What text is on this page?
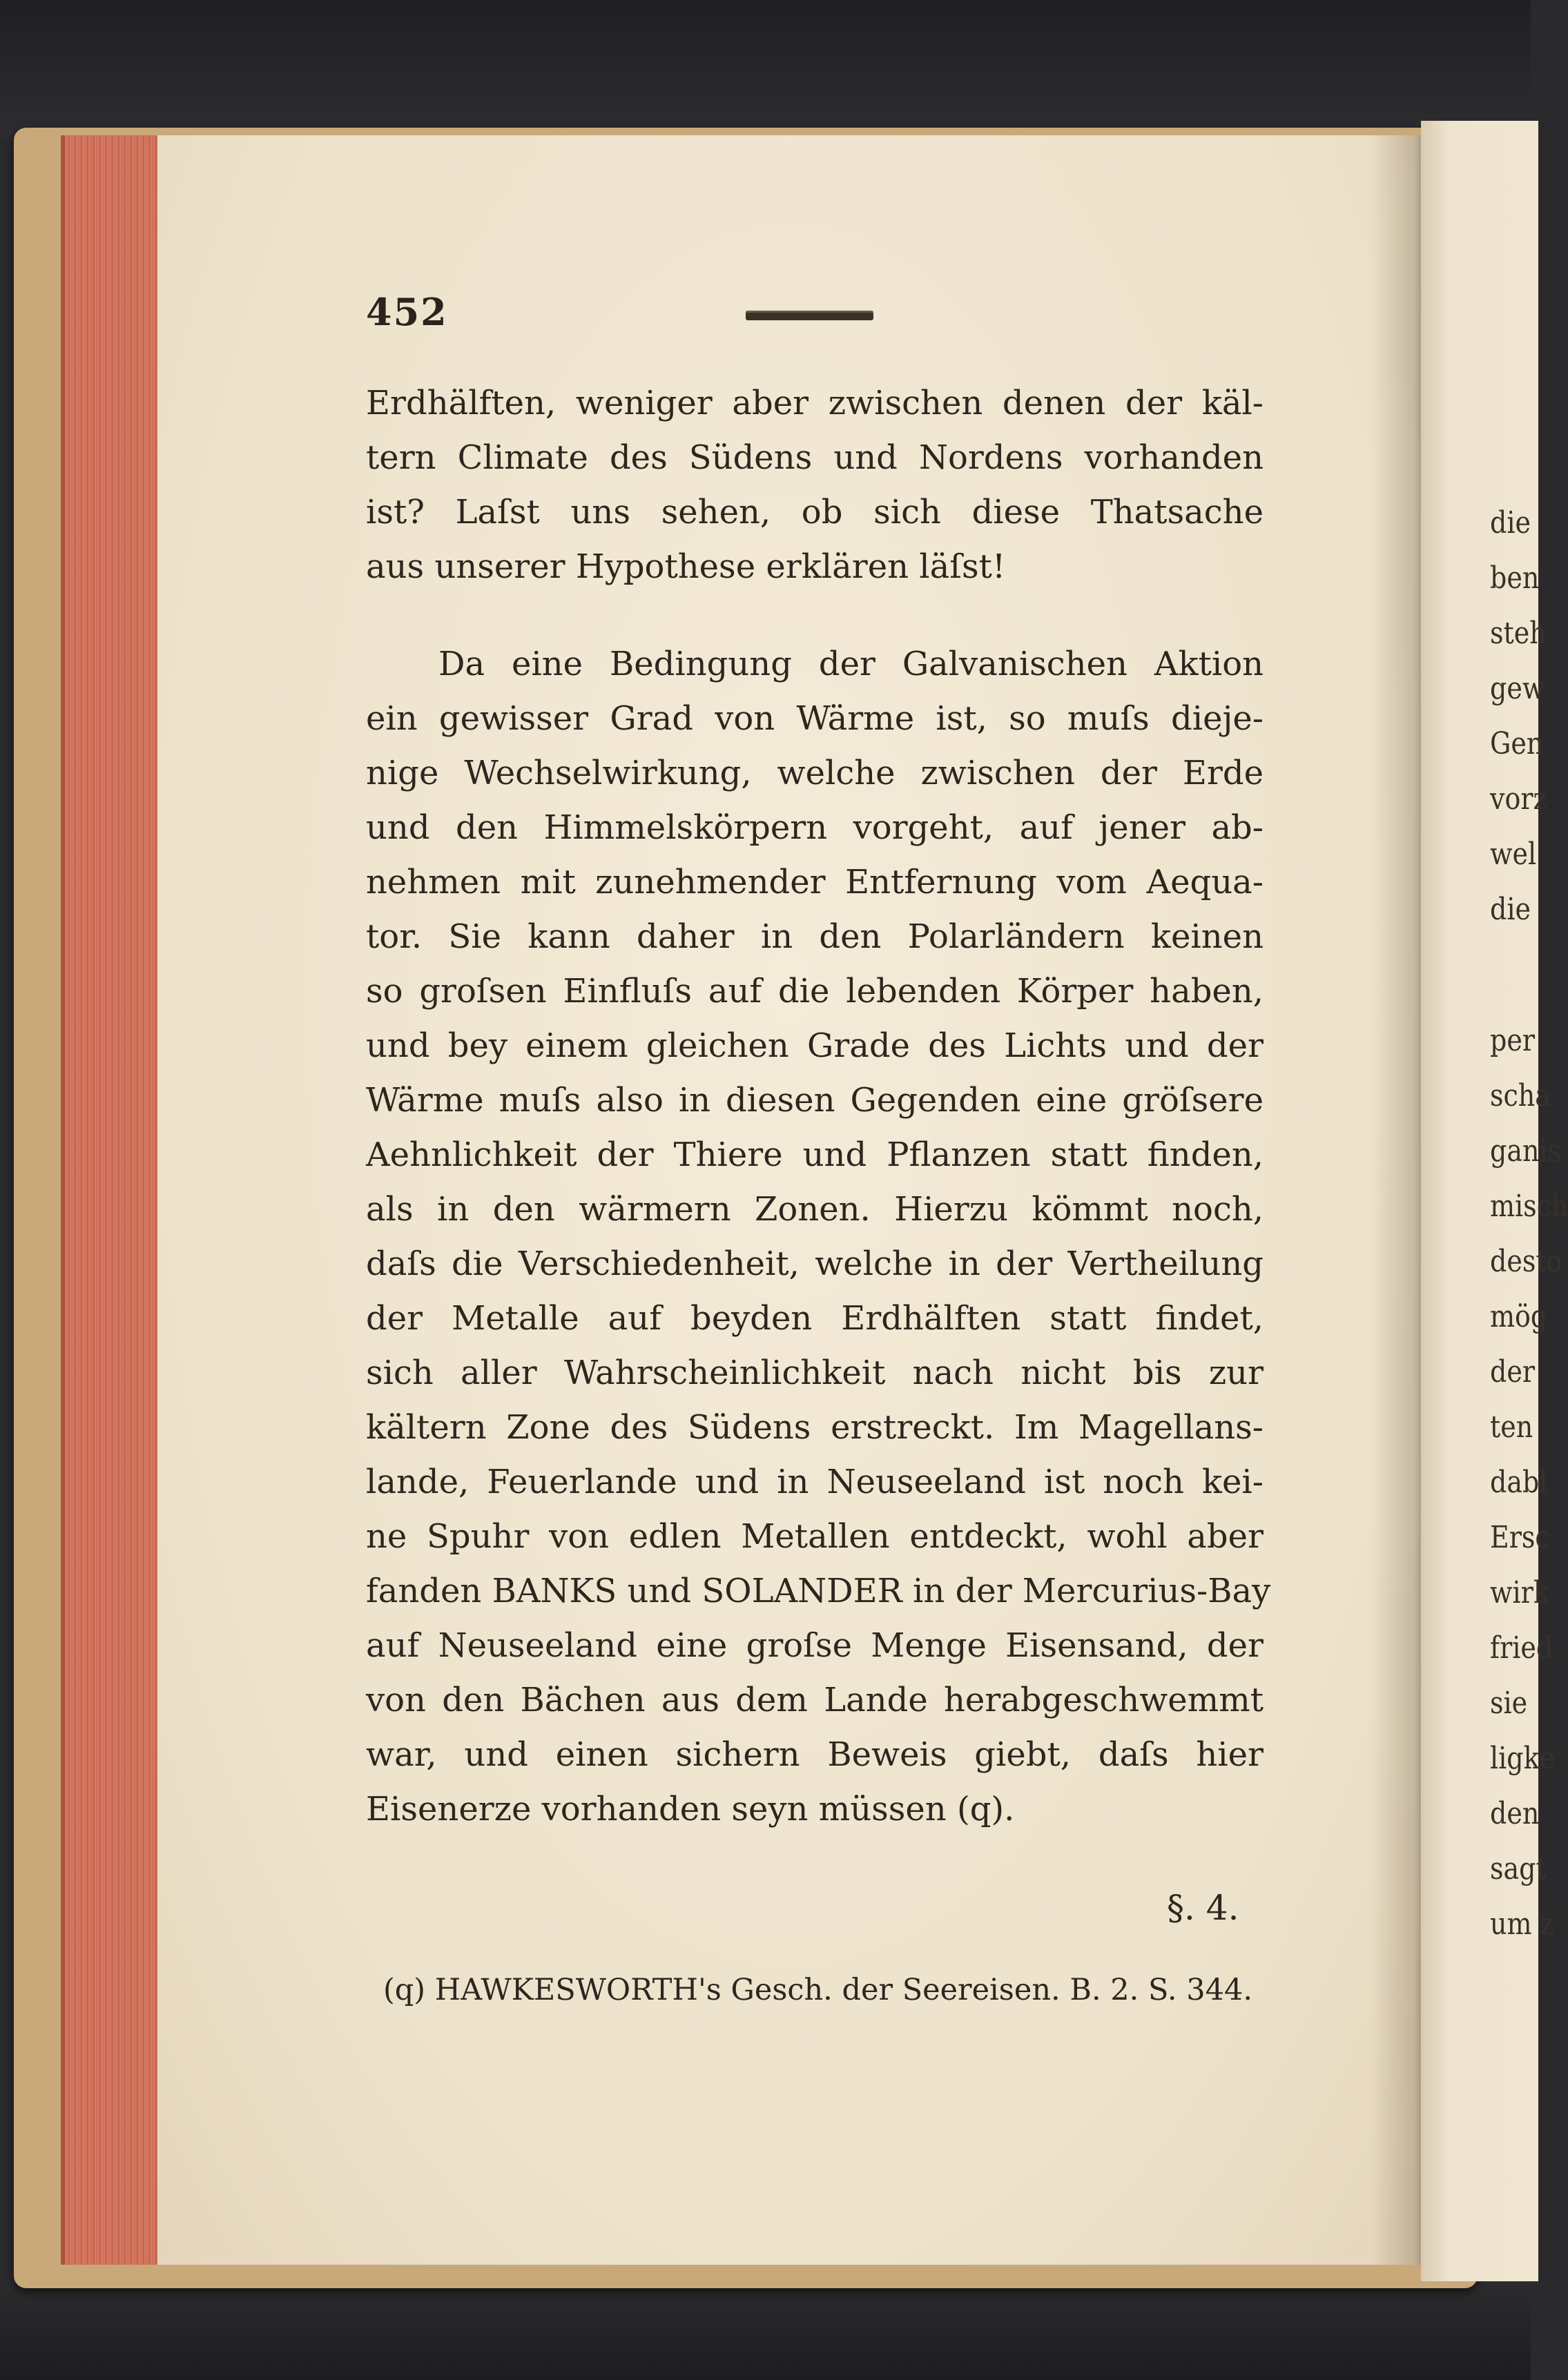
die
ben
steh
gew
Gen
vorz
wel
die
per
scha
ganis
misch
desto
mög
der
ten
dabl
Ersc
wirk
fried
sie
ligke
den
sagt
um z
452
Erdhälften, weniger aber zwischen denen der käl-
tern Climate des Südens und Nordens vorhanden
ist? Laſst uns sehen, ob sich diese Thatsache
aus unserer Hypothese erklären läſst!
Da eine Bedingung der Galvanischen Aktion
ein gewisser Grad von Wärme ist, so muſs dieje-
nige Wechselwirkung, welche zwischen der Erde
und den Himmelskörpern vorgeht, auf jener ab-
nehmen mit zunehmender Entfernung vom Aequa-
tor. Sie kann daher in den Polarländern keinen
so groſsen Einfluſs auf die lebenden Körper haben,
und bey einem gleichen Grade des Lichts und der
Wärme muſs also in diesen Gegenden eine gröſsere
Aehnlichkeit der Thiere und Pflanzen statt finden,
als in den wärmern Zonen. Hierzu kömmt noch,
daſs die Verschiedenheit, welche in der Vertheilung
der Metalle auf beyden Erdhälften statt findet,
sich aller Wahrscheinlichkeit nach nicht bis zur
kältern Zone des Südens erstreckt. Im Magellans-
lande, Feuerlande und in Neuseeland ist noch kei-
ne Spuhr von edlen Metallen entdeckt, wohl aber
fanden BANKS und SOLANDER in der Mercurius-Bay
auf Neuseeland eine groſse Menge Eisensand, der
von den Bächen aus dem Lande herabgeschwemmt
war, und einen sichern Beweis giebt, daſs hier
Eisenerze vorhanden seyn müssen (q).
§. 4.
(q) HAWKESWORTH's Gesch. der Seereisen. B. 2. S. 344.
